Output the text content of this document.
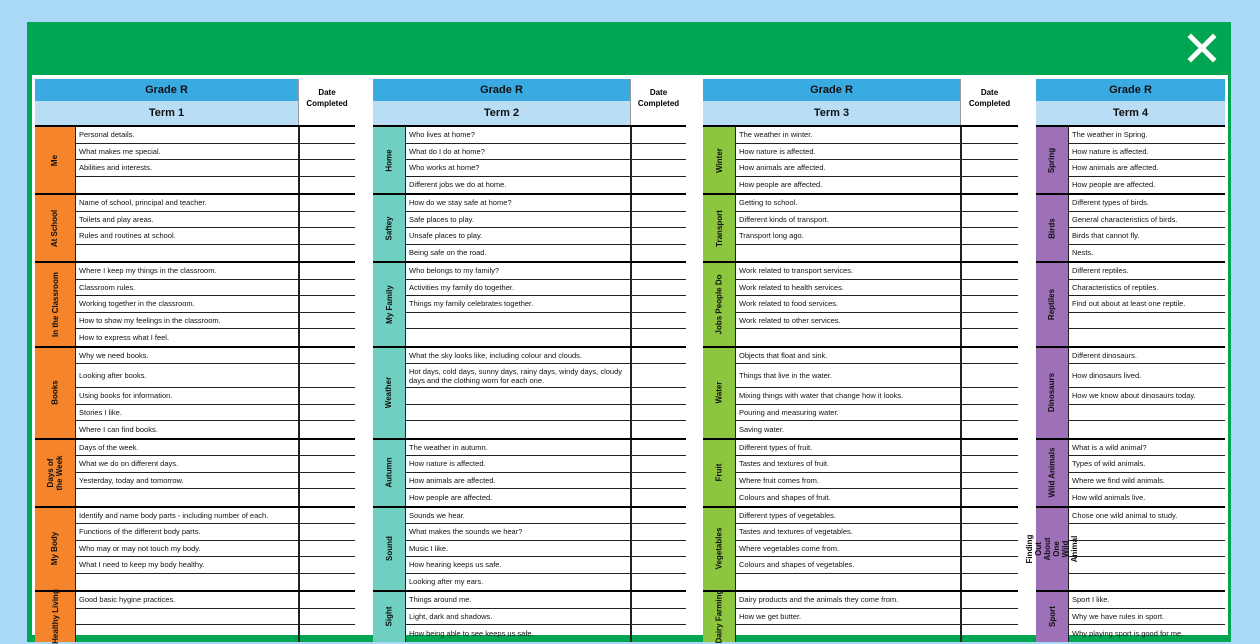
Grade R
Term 1
Date Completed
Me
Personal details.
What makes me special.
Abilities and interests.
At School
Name of school, principal and teacher.
Toilets and play areas.
Rules and routines at school.
In the Classroom
Where I keep my things in the classroom.
Classroom rules.
Working together in the classroom.
How to show my feelings in the classroom.
How to express what I feel.
Books
Why we need books.
Looking after books.
Using books for information.
Stories I like.
Where I can find books.
Days of the Week
Days of the week.
What we do on different days.
Yesterday, today and tomorrow.
My Body
Identify and name body parts - including number of each.
Functions of the different body parts.
Who may or may not touch my body.
What I need to keep my body healthy.
Healthy Living	Good basic hygine practices.
Grade R
Term 2
Date Completed
Home
Who lives at home?
What do I do at home?
Who works at home?
Different jobs we do at home.
Saftey
How do we stay safe at home?
Safe places to play.
Unsafe places to play.
Being safe on the road.
My Family
Who belongs to my family?
Activities my family do together.
Things my family celebrates together.
Weather
What the sky looks like, including colour and clouds.
Hot days, cold days, sunny days, rainy days, windy days, cloudy days and the clothing worn for each one.
Autumn
The weather in autumn.
How nature is affected.
How animals are affected.
How people are affected.
Sound
Sounds we hear.
What makes the sounds we hear?
Music I like.
How hearing keeps us safe.
Looking after my ears.
Sight
Things around me.
Light, dark and shadows.
How being able to see keeps us safe.
Grade R
Term 3
Date Completed
Winter
The weather in winter.
How nature is affected.
How animals are affected.
How people are affected.
Transport
Getting to school.
Different kinds of transport.
Transport long ago.
Jobs People Do
Work related to transport services.
Work related to health services.
Work related to food services.
Work related to other services.
Water
Objects that float and sink.
Things that live in the water.
Mixing things with water that change how it looks.
Pouring and measuring water.
Saving water.
Fruit
Different types of fruit.
Tastes and textures of fruit.
Where fruit comes from.
Colours and shapes of fruit.
Vegetables
Different types of vegetables.
Tastes and textures of vegetables.
Where vegetables come from.
Colours and shapes of vegetables.
Dairy Farming	Dairy products and the animals they come from.
How we get butter.
Grade R
Term 4
Spring
The weather in Spring.
How nature is affected.
How animals are affected.
How people are affected.
Birds
Different types of birds.
General characteristics of birds.
Birds that cannot fly.
Nests.
Reptiles
Different reptiles.
Characteristics of reptiles.
Find out about at least one reptile.
Dinosaurs
Different dinosaurs.
How dinosaurs lived.
How we know about dinosaurs today.
Wild Animals
What is a wild animal?
Types of wild animals.
Where we find wild animals.
How wild animals live.
Finding Out About One Wild Animal
Chose one wild animal to study.
Sport
Sport I like.
Why we have rules in sport.
Why playing sport is good for me.
